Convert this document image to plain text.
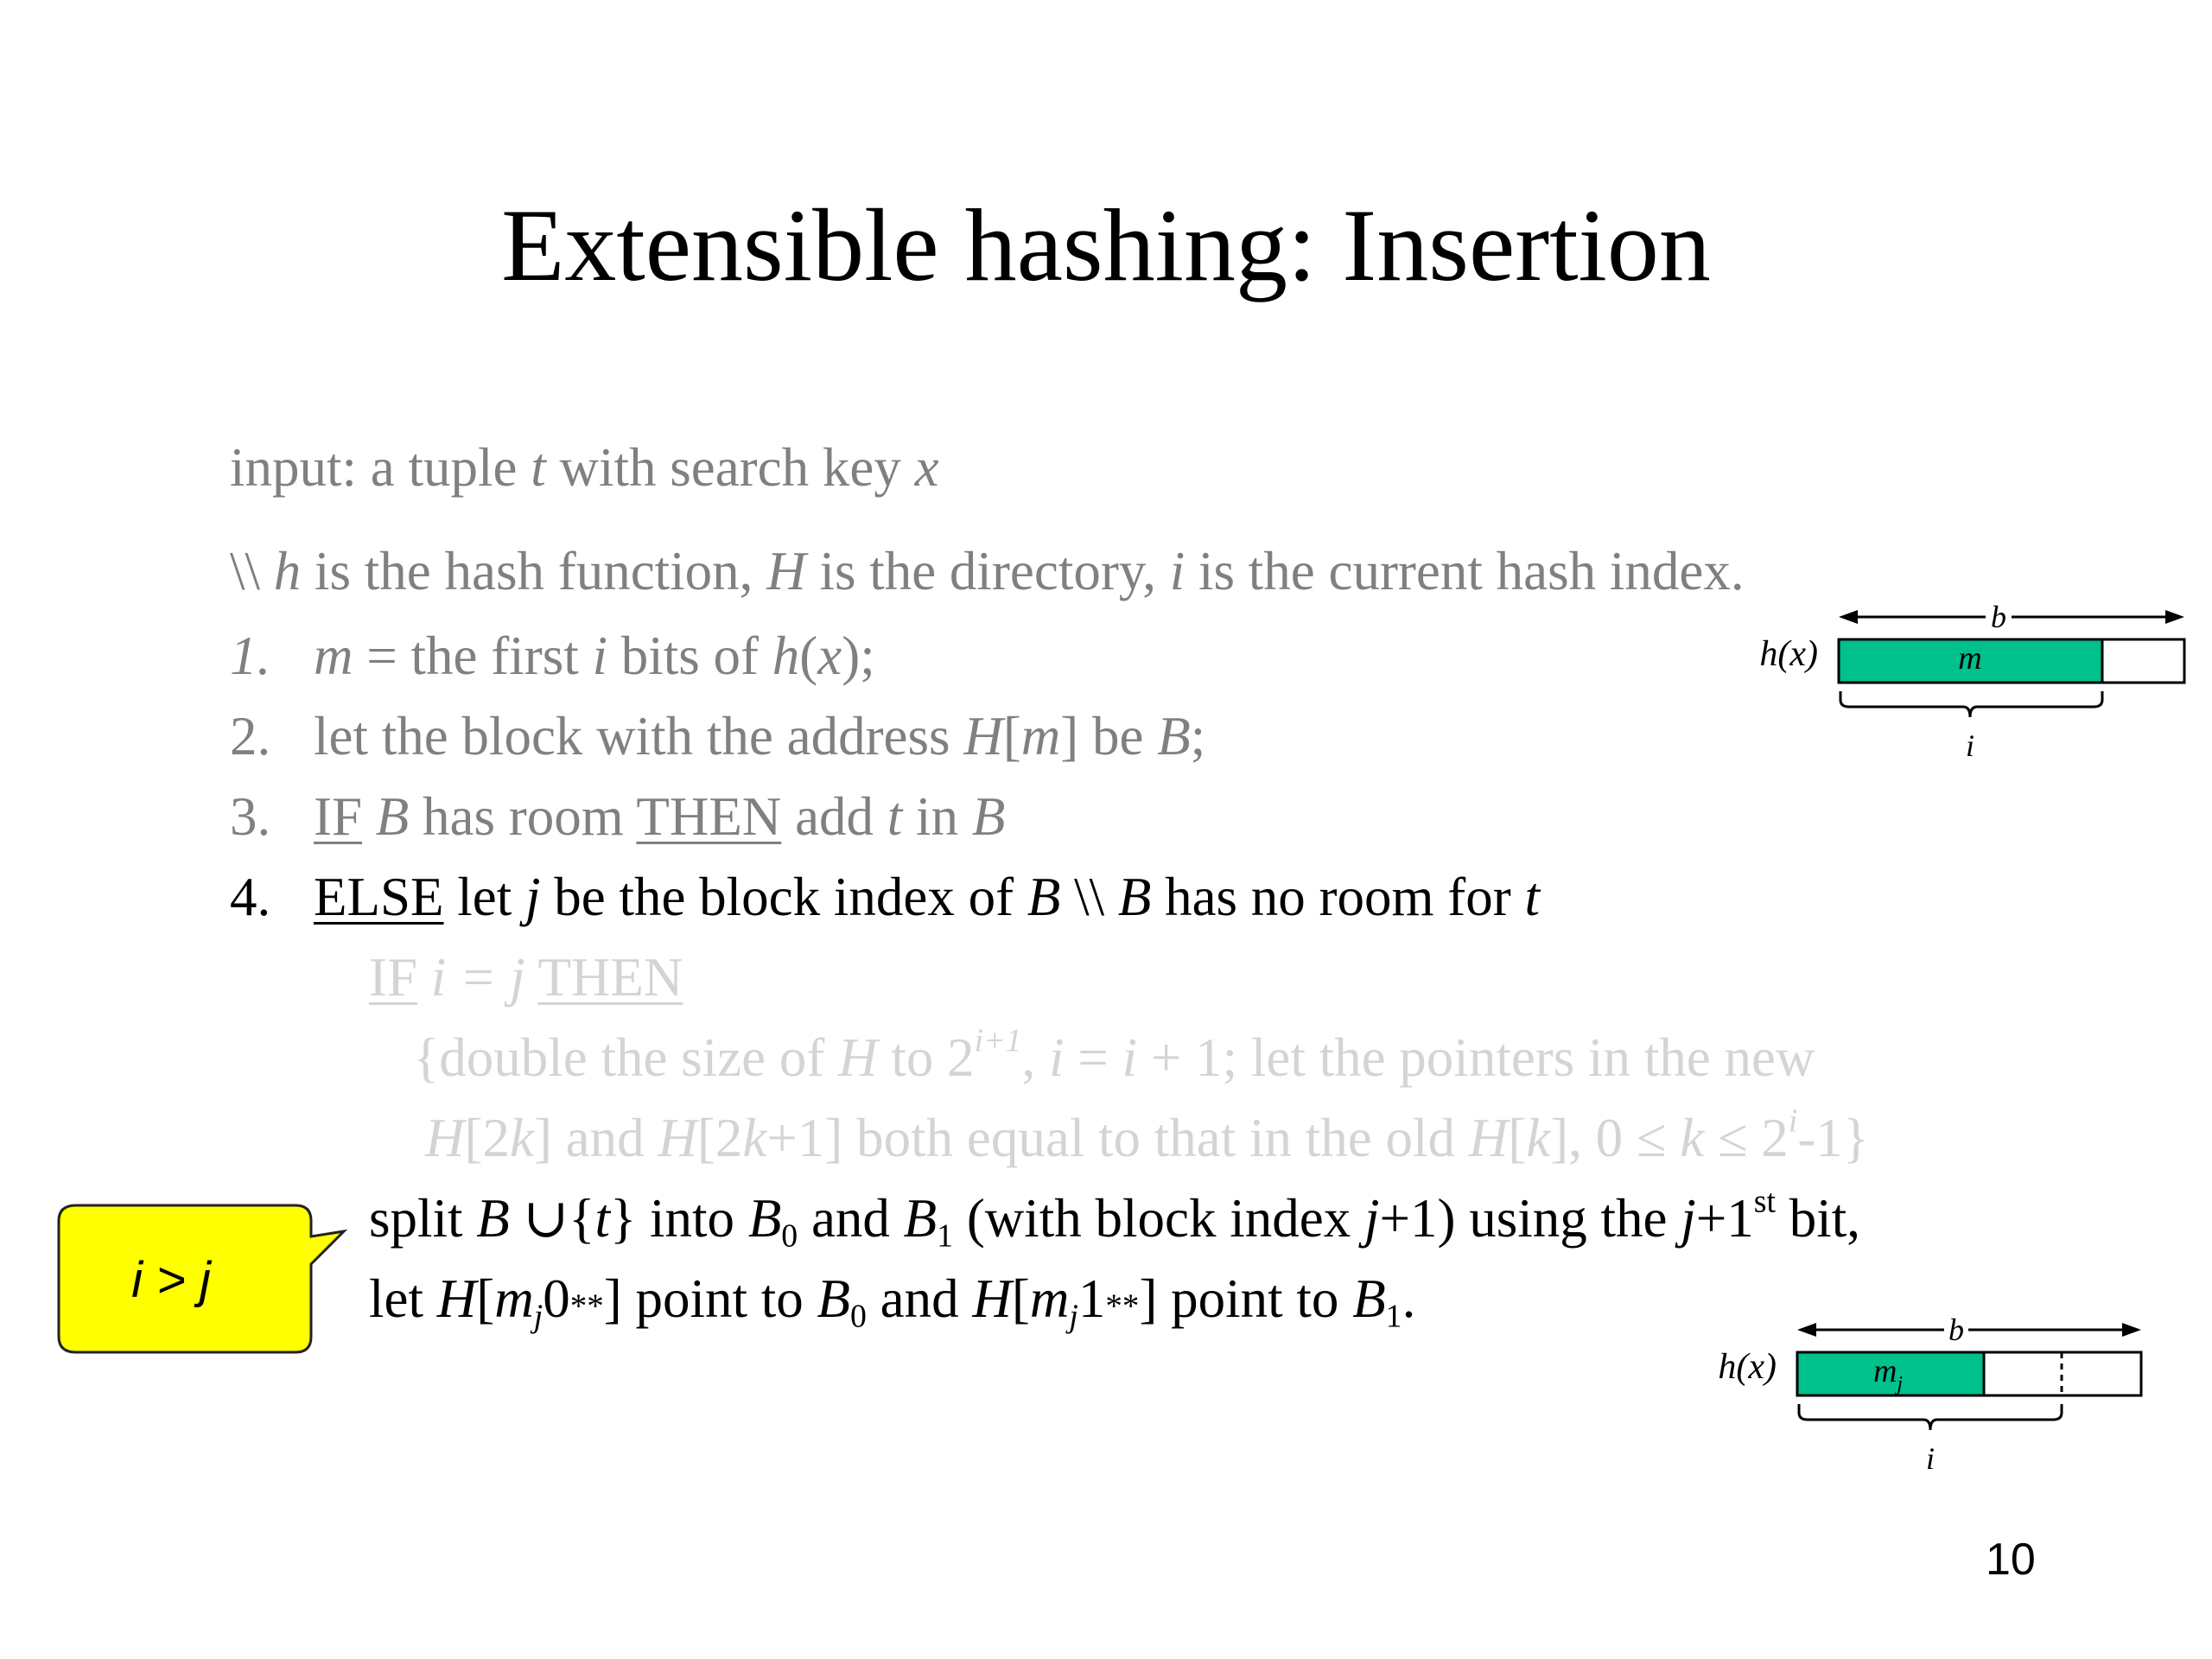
Extensible hashing: Insertion
input: a tuple t with search key x
\\ h is the hash function, H is the directory, i is the current hash index.
1. m = the first i bits of h(x);
2. let the block with the address H[m] be B;
3. IF B has room THEN add t in B
4. ELSE let j be the block index of B \\ B has no room for t
IF i = j THEN
{double the size of H to $2^{i+1}$, i = i + 1; let the pointers in the new
H[2k] and H[2k+1] both equal to that in the old H[k], $0 \le k \le 2^i-1$}
split B ∪{t} into $B_0$ and $B_1$ (with block index j+1) using the j+1st bit,
let $H[m_j0**]$ point to $B_0$ and $H[m_j1**]$ point to $B_1$.
i > j
b
h(x)	m
i
b
h(x)	$m_j$
i
10
